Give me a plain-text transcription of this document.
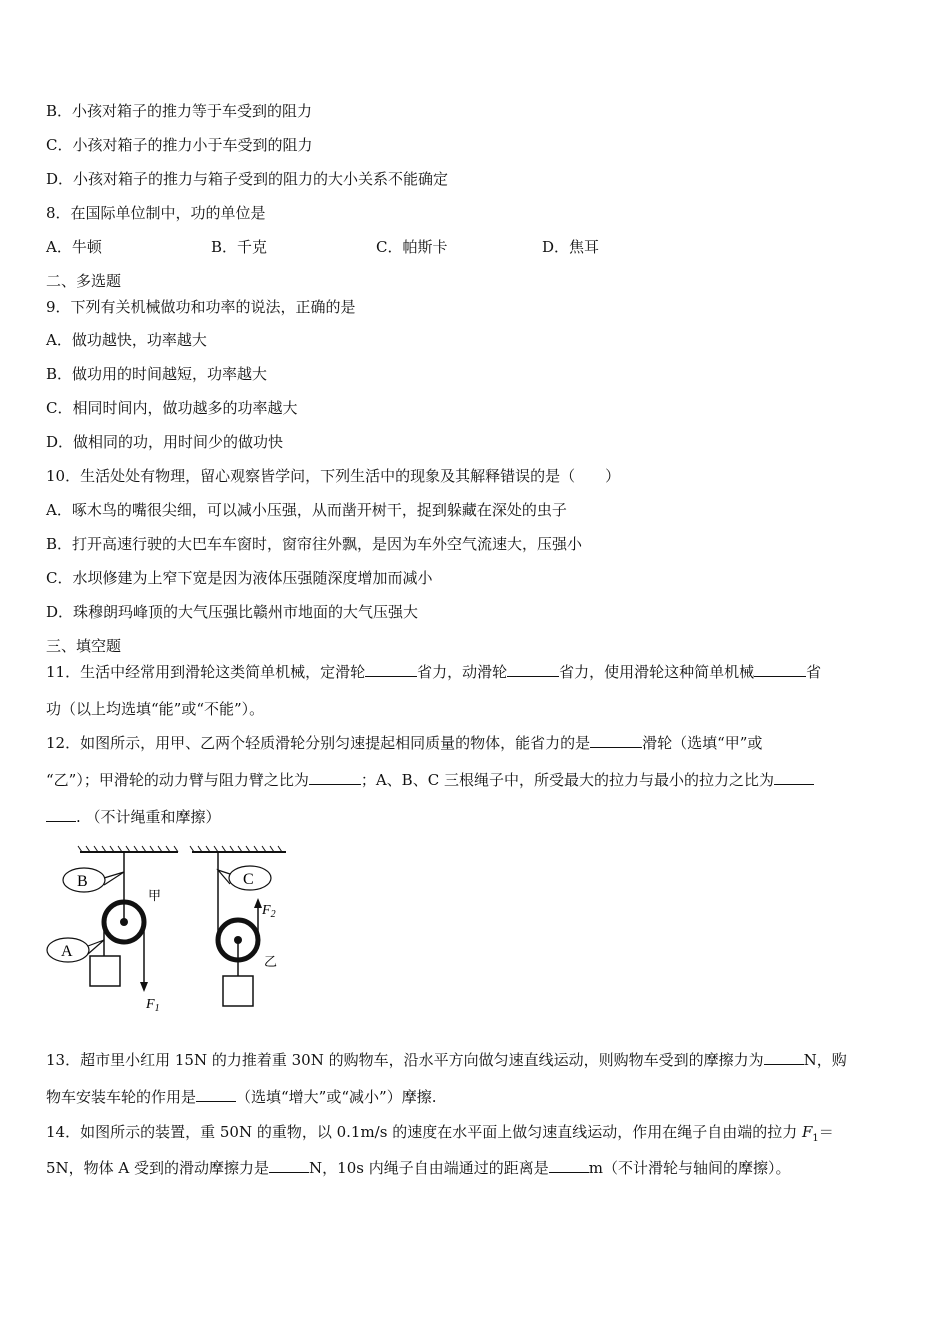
B．小孩对箱子的推力等于车受到的阻力
C．小孩对箱子的推力小于车受到的阻力
D．小孩对箱子的推力与箱子受到的阻力的大小关系不能确定
8．在国际单位制中，功的单位是
A．牛顿	B．千克	C．帕斯卡	D．焦耳
二、多选题
9．下列有关机械做功和功率的说法，正确的是
A．做功越快，功率越大
B．做功用的时间越短，功率越大
C．相同时间内，做功越多的功率越大
D．做相同的功，用时间少的做功快
10．生活处处有物理，留心观察皆学问，下列生活中的现象及其解释错误的是（　　）
A．啄木鸟的嘴很尖细，可以减小压强，从而凿开树干，捉到躲藏在深处的虫子
B．打开高速行驶的大巴车车窗时，窗帘往外飘，是因为车外空气流速大，压强小
C．水坝修建为上窄下宽是因为液体压强随深度增加而减小
D．珠穆朗玛峰顶的大气压强比赣州市地面的大气压强大
三、填空题
11．生活中经常用到滑轮这类简单机械，定滑轮	省力，动滑轮	省力，使用滑轮这种简单机械	省
功（以上均选填“能”或“不能”）。
12．如图所示，用甲、乙两个轻质滑轮分别匀速提起相同质量的物体，能省力的是	滑轮（选填“甲”或
“乙”）；甲滑轮的动力臂与阻力臂之比为	；A、B、C 三根绳子中，所受最大的拉力与最小的拉力之比为
. （不计绳重和摩擦）
B
A
甲
$F_1$
C
$F_2$
乙
13．超市里小红用 15N 的力推着重 30N 的购物车，沿水平方向做匀速直线运动，则购物车受到的摩擦力为	N，购
物车安装车轮的作用是	（选填“增大”或“减小”）摩擦.
14．如图所示的装置，重 50N 的重物，以 0.1m/s 的速度在水平面上做匀速直线运动，作用在绳子自由端的拉力 $F_1=$
5N，物体 A 受到的滑动摩擦力是	N，10s 内绳子自由端通过的距离是	m（不计滑轮与轴间的摩擦）。
